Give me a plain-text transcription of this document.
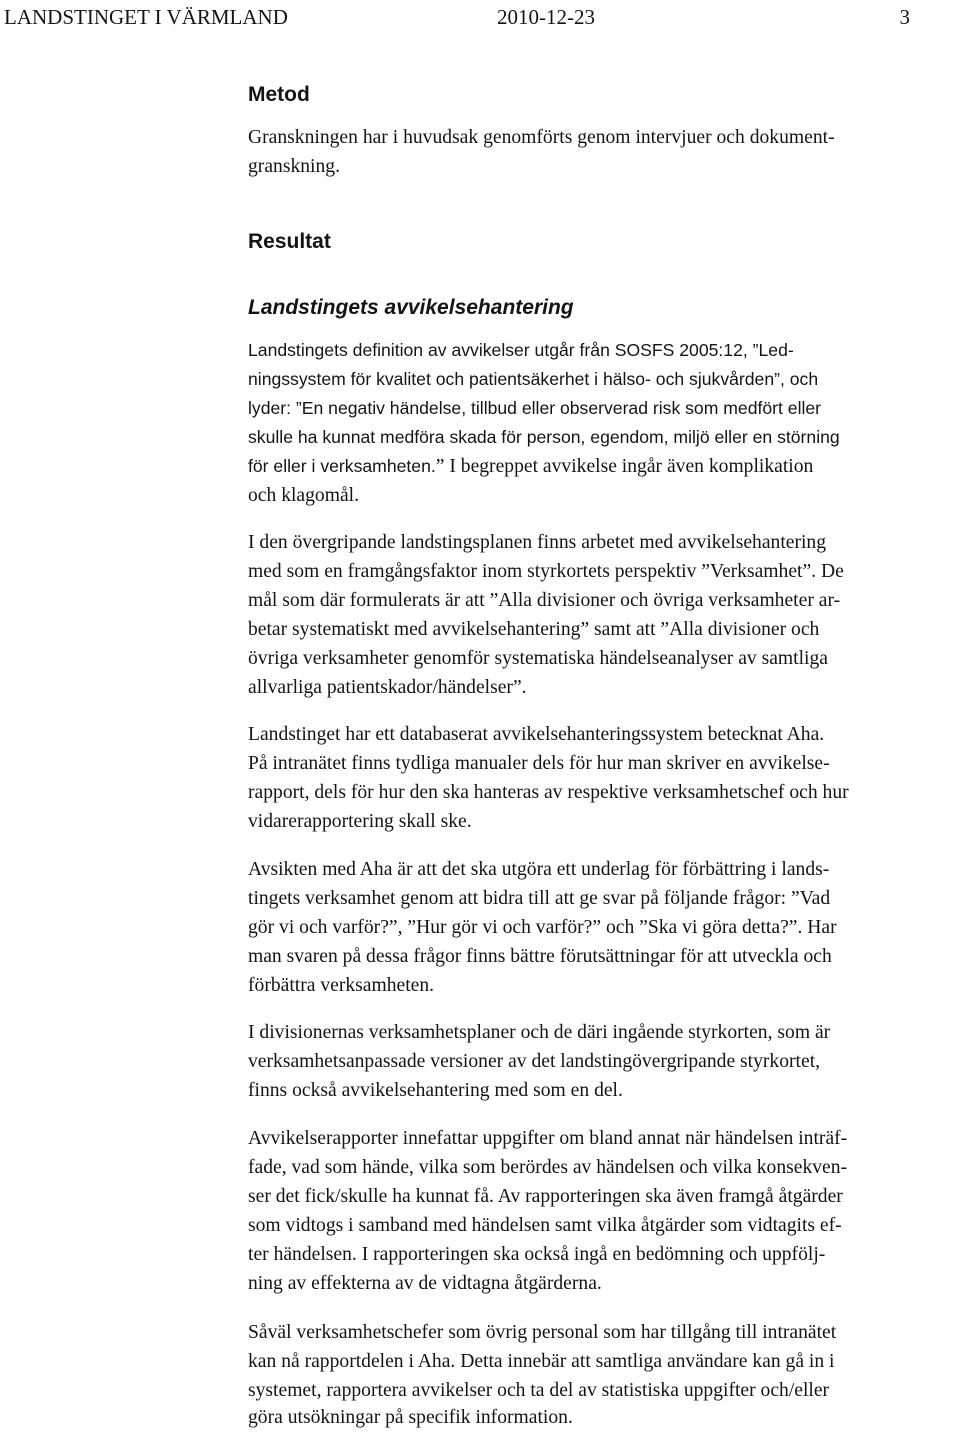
LANDSTINGET I VÄRMLAND	2010-12-23	3
Metod
Granskningen har i huvudsak genomförts genom intervjuer och dokument-
granskning.
Resultat
Landstingets avvikelsehantering
Landstingets definition av avvikelser utgår från SOSFS 2005:12, ”Led-
ningssystem för kvalitet och patientsäkerhet i hälso- och sjukvården”, och
lyder: ”En negativ händelse, tillbud eller observerad risk som medfört eller
skulle ha kunnat medföra skada för person, egendom, miljö eller en störning
för eller i verksamheten.” I begreppet avvikelse ingår även komplikation
och klagomål.
I den övergripande landstingsplanen finns arbetet med avvikelsehantering
med som en framgångsfaktor inom styrkortets perspektiv ”Verksamhet”. De
mål som där formulerats är att ”Alla divisioner och övriga verksamheter ar-
betar systematiskt med avvikelsehantering” samt att ”Alla divisioner och
övriga verksamheter genomför systematiska händelseanalyser av samtliga
allvarliga patientskador/händelser”.
Landstinget har ett databaserat avvikelsehanteringssystem betecknat Aha.
På intranätet finns tydliga manualer dels för hur man skriver en avvikelse-
rapport, dels för hur den ska hanteras av respektive verksamhetschef och hur
vidarerapportering skall ske.
Avsikten med Aha är att det ska utgöra ett underlag för förbättring i lands-
tingets verksamhet genom att bidra till att ge svar på följande frågor: ”Vad
gör vi och varför?”, ”Hur gör vi och varför?” och ”Ska vi göra detta?”. Har
man svaren på dessa frågor finns bättre förutsättningar för att utveckla och
förbättra verksamheten.
I divisionernas verksamhetsplaner och de däri ingående styrkorten, som är
verksamhetsanpassade versioner av det landstingövergripande styrkortet,
finns också avvikelsehantering med som en del.
Avvikelserapporter innefattar uppgifter om bland annat när händelsen inträf-
fade, vad som hände, vilka som berördes av händelsen och vilka konsekven-
ser det fick/skulle ha kunnat få. Av rapporteringen ska även framgå åtgärder
som vidtogs i samband med händelsen samt vilka åtgärder som vidtagits ef-
ter händelsen. I rapporteringen ska också ingå en bedömning och uppfölj-
ning av effekterna av de vidtagna åtgärderna.
Såväl verksamhetschefer som övrig personal som har tillgång till intranätet
kan nå rapportdelen i Aha. Detta innebär att samtliga användare kan gå in i
systemet, rapportera avvikelser och ta del av statistiska uppgifter och/eller
göra utsökningar på specifik information.
